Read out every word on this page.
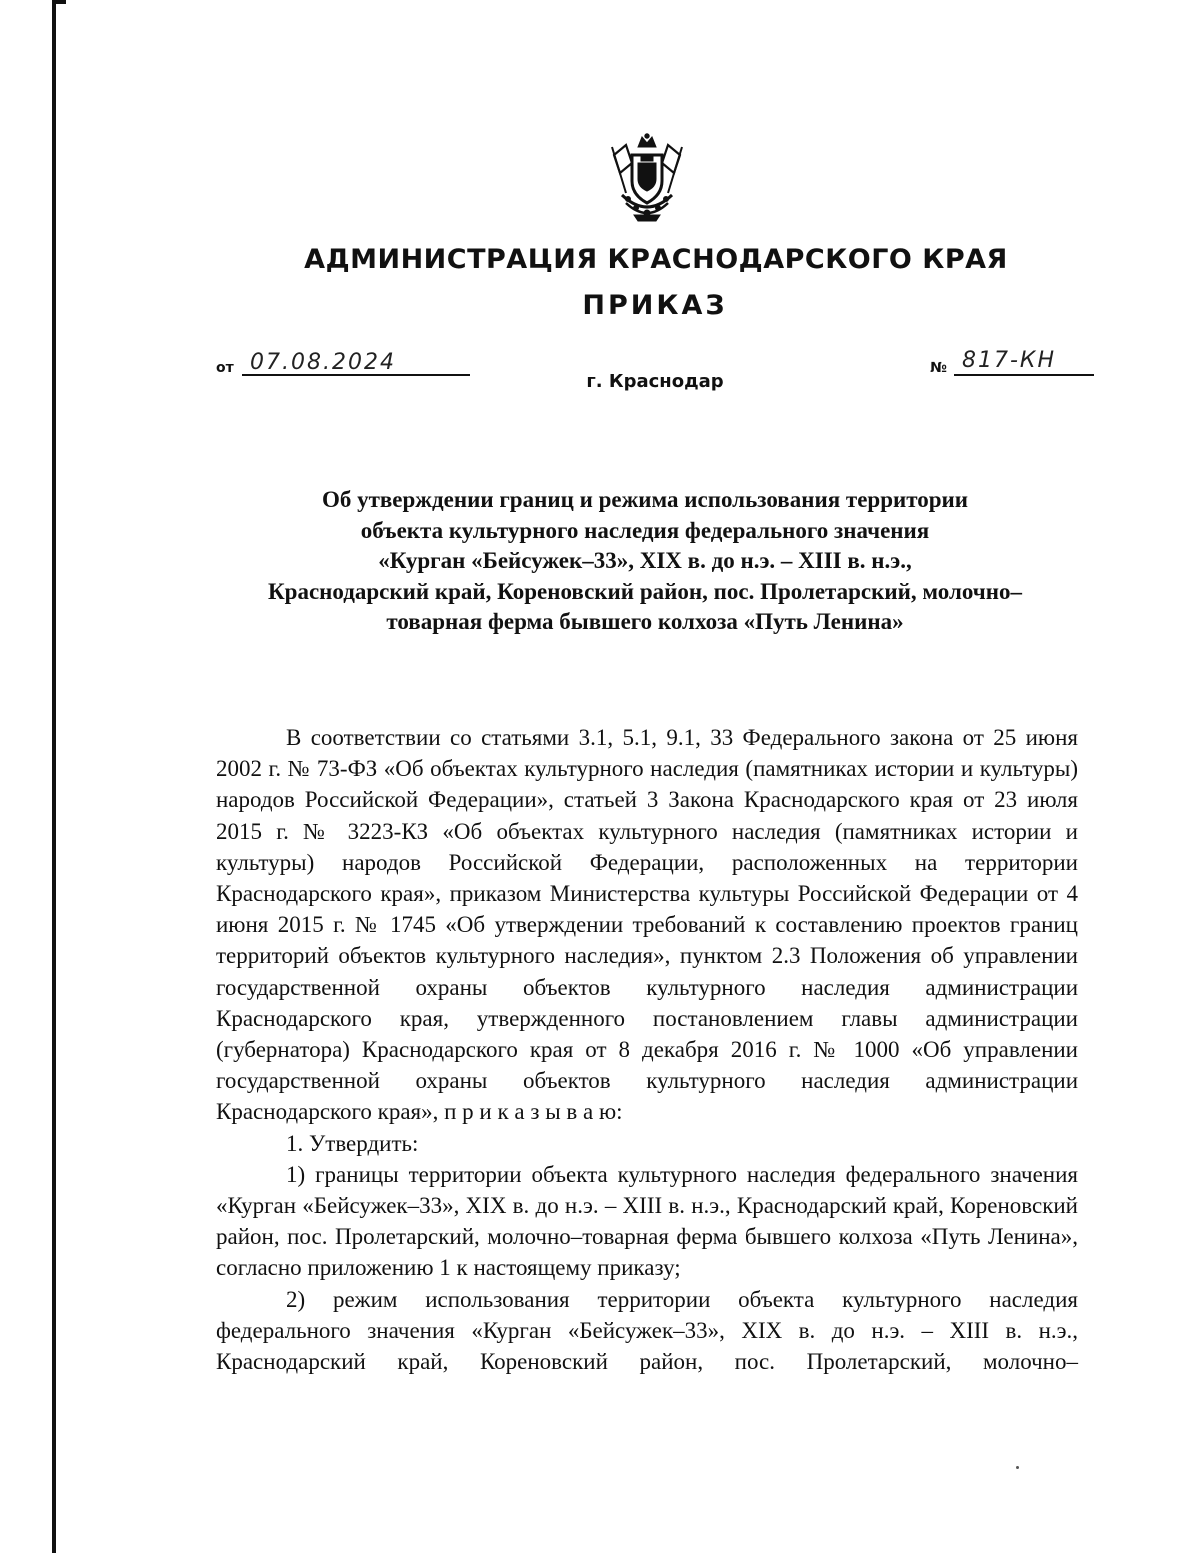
АДМИНИСТРАЦИЯ КРАСНОДАРСКОГО КРАЯ
ПРИКАЗ
от 07.08.2024	№ 817-КН
г. Краснодар
Об утверждении границ и режима использования территории
объекта культурного наследия федерального значения
«Курган «Бейсужек–33», XIX в. до н.э. – XIII в. н.э.,
Краснодарский край, Кореновский район, пос. Пролетарский, молочно–
товарная ферма бывшего колхоза «Путь Ленина»

В соответствии со статьями 3.1, 5.1, 9.1, 33 Федерального закона от 25 июня 2002 г. № 73-ФЗ «Об объектах культурного наследия (памятниках истории и культуры) народов Российской Федерации», статьей 3 Закона Краснодарского края от 23 июля 2015 г. № 3223-КЗ «Об объектах культурного наследия (памятниках истории и культуры) народов Российской Федерации, расположенных на территории Краснодарского края», приказом Министерства культуры Российской Федерации от 4 июня 2015 г. № 1745 «Об утверждении требований к составлению проектов границ территорий объектов культурного наследия», пунктом 2.3 Положения об управлении государственной охраны объектов культурного наследия администрации Краснодарского края, утвержденного постановлением главы администрации (губернатора) Краснодарского края от 8 декабря 2016 г. № 1000 «Об управлении государственной охраны объектов культурного наследия администрации Краснодарского края», п р и к а з ы в а ю:

1. Утвердить:

1) границы территории объекта культурного наследия федерального значения «Курган «Бейсужек–33», XIX в. до н.э. – XIII в. н.э., Краснодарский край, Кореновский район, пос. Пролетарский, молочно–товарная ферма бывшего колхоза «Путь Ленина», согласно приложению 1 к настоящему приказу;

2) режим использования территории объекта культурного наследия федерального значения «Курган «Бейсужек–33», XIX в. до н.э. – XIII в. н.э., Краснодарский край, Кореновский район, пос. Пролетарский, молочно–
